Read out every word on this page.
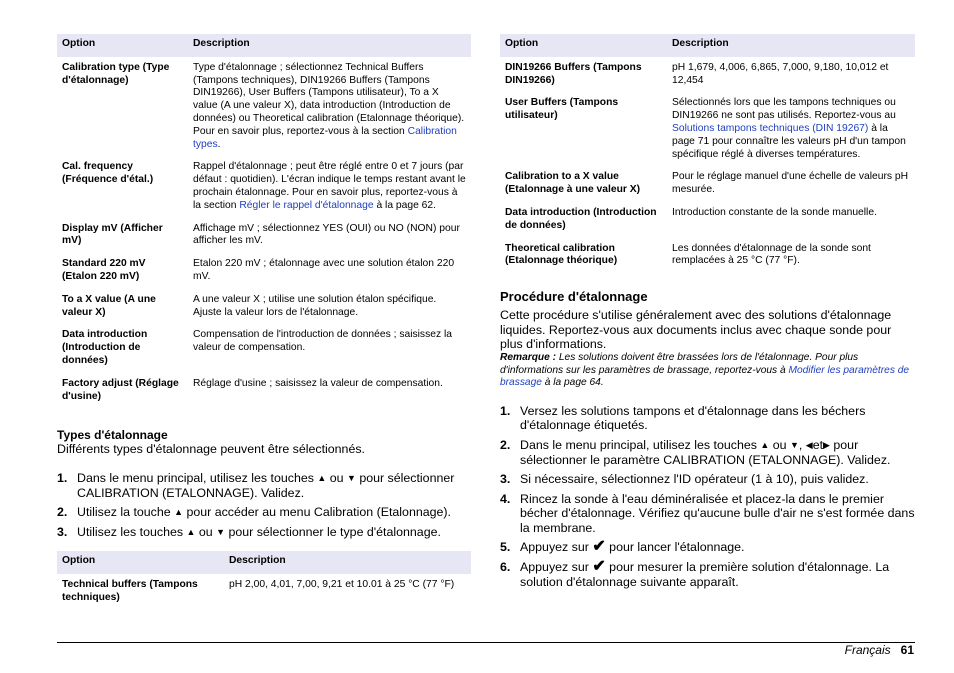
Option	Description
Calibration type (Type d'étalonnage)	Type d'étalonnage ; sélectionnez Technical Buffers (Tampons techniques), DIN19266 Buffers (Tampons DIN19266), User Buffers (Tampons utilisateur), To a X value (A une valeur X), data introduction (Introduction de données) ou Theoretical calibration (Etalonnage théorique). Pour en savoir plus, reportez-vous à la section Calibration types.
Cal. frequency (Fréquence d'étal.)	Rappel d'étalonnage ; peut être réglé entre 0 et 7 jours (par défaut : quotidien). L'écran indique le temps restant avant le prochain étalonnage. Pour en savoir plus, reportez-vous à la section Régler le rappel d'étalonnage à la page 62.
Display mV (Afficher mV)	Affichage mV ; sélectionnez YES (OUI) ou NO (NON) pour afficher les mV.
Standard 220 mV (Etalon 220 mV)	Etalon 220 mV ; étalonnage avec une solution étalon 220 mV.
To a X value (A une valeur X)	A une valeur X ; utilise une solution étalon spécifique. Ajuste la valeur lors de l'étalonnage.
Data introduction (Introduction de données)	Compensation de l'introduction de données ; saisissez la valeur de compensation.
Factory adjust (Réglage d'usine)	Réglage d'usine ; saisissez la valeur de compensation.
Types d'étalonnage

Différents types d'étalonnage peuvent être sélectionnés.

1. Dans le menu principal, utilisez les touches ▲ ou ▼ pour sélectionner CALIBRATION (ETALONNAGE). Validez.
2. Utilisez la touche ▲ pour accéder au menu Calibration (Etalonnage).
3. Utilisez les touches ▲ ou ▼ pour sélectionner le type d'étalonnage.
Option	Description
Technical buffers (Tampons techniques)	pH 2,00, 4,01, 7,00, 9,21 et 10.01 à 25 °C (77 °F)
Option	Description
DIN19266 Buffers (Tampons DIN19266)	pH 1,679, 4,006, 6,865, 7,000, 9,180, 10,012 et 12,454
User Buffers (Tampons utilisateur)	Sélectionnés lors que les tampons techniques ou DIN19266 ne sont pas utilisés. Reportez-vous au Solutions tampons techniques (DIN 19267) à la page 71 pour connaître les valeurs pH d'un tampon spécifique réglé à diverses températures.
Calibration to a X value (Etalonnage à une valeur X)	Pour le réglage manuel d'une échelle de valeurs pH mesurée.
Data introduction (Introduction de données)	Introduction constante de la sonde manuelle.
Theoretical calibration (Etalonnage théorique)	Les données d'étalonnage de la sonde sont remplacées à 25 °C (77 °F).
Procédure d'étalonnage

Cette procédure s'utilise généralement avec des solutions d'étalonnage liquides. Reportez-vous aux documents inclus avec chaque sonde pour plus d'informations.

Remarque : Les solutions doivent être brassées lors de l'étalonnage. Pour plus d'informations sur les paramètres de brassage, reportez-vous à Modifier les paramètres de brassage à la page 64.

1. Versez les solutions tampons et d'étalonnage dans les béchers d'étalonnage étiquetés.
2. Dans le menu principal, utilisez les touches ▲ ou ▼, ◀et▶ pour sélectionner le paramètre CALIBRATION (ETALONNAGE). Validez.
3. Si nécessaire, sélectionnez l'ID opérateur (1 à 10), puis validez.
4. Rincez la sonde à l'eau déminéralisée et placez-la dans le premier bécher d'étalonnage. Vérifiez qu'aucune bulle d'air ne s'est formée dans la membrane.
5. Appuyez sur ✔ pour lancer l'étalonnage.
6. Appuyez sur ✔ pour mesurer la première solution d'étalonnage. La solution d'étalonnage suivante apparaît.
Français 61
